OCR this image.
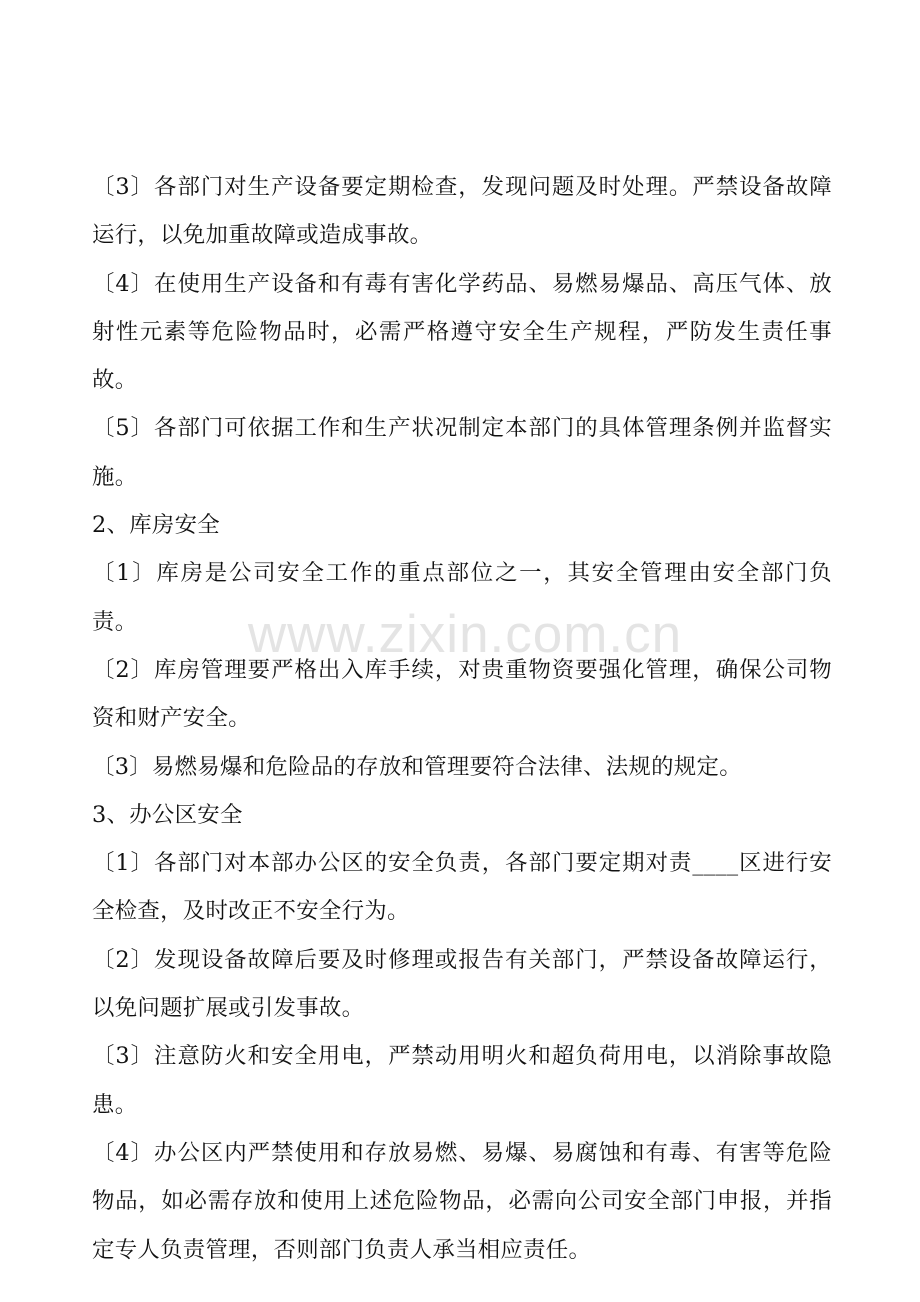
〔3〕各部门对生产设备要定期检查，发现问题及时处理。严禁设备故障运行，以免加重故障或造成事故。

〔4〕在使用生产设备和有毒有害化学药品、易燃易爆品、高压气体、放射性元素等危险物品时，必需严格遵守安全生产规程，严防发生责任事故。

〔5〕各部门可依据工作和生产状况制定本部门的具体管理条例并监督实施。

2、库房安全

〔1〕库房是公司安全工作的重点部位之一，其安全管理由安全部门负责。

〔2〕库房管理要严格出入库手续，对贵重物资要强化管理，确保公司物资和财产安全。

〔3〕易燃易爆和危险品的存放和管理要符合法律、法规的规定。

3、办公区安全

〔1〕各部门对本部办公区的安全负责，各部门要定期对责____区进行安全检查，及时改正不安全行为。

〔2〕发现设备故障后要及时修理或报告有关部门，严禁设备故障运行，以免问题扩展或引发事故。

〔3〕注意防火和安全用电，严禁动用明火和超负荷用电，以消除事故隐患。

〔4〕办公区内严禁使用和存放易燃、易爆、易腐蚀和有毒、有害等危险物品，如必需存放和使用上述危险物品，必需向公司安全部门申报，并指定专人负责管理，否则部门负责人承当相应责任。

www.zixin.com.cn
